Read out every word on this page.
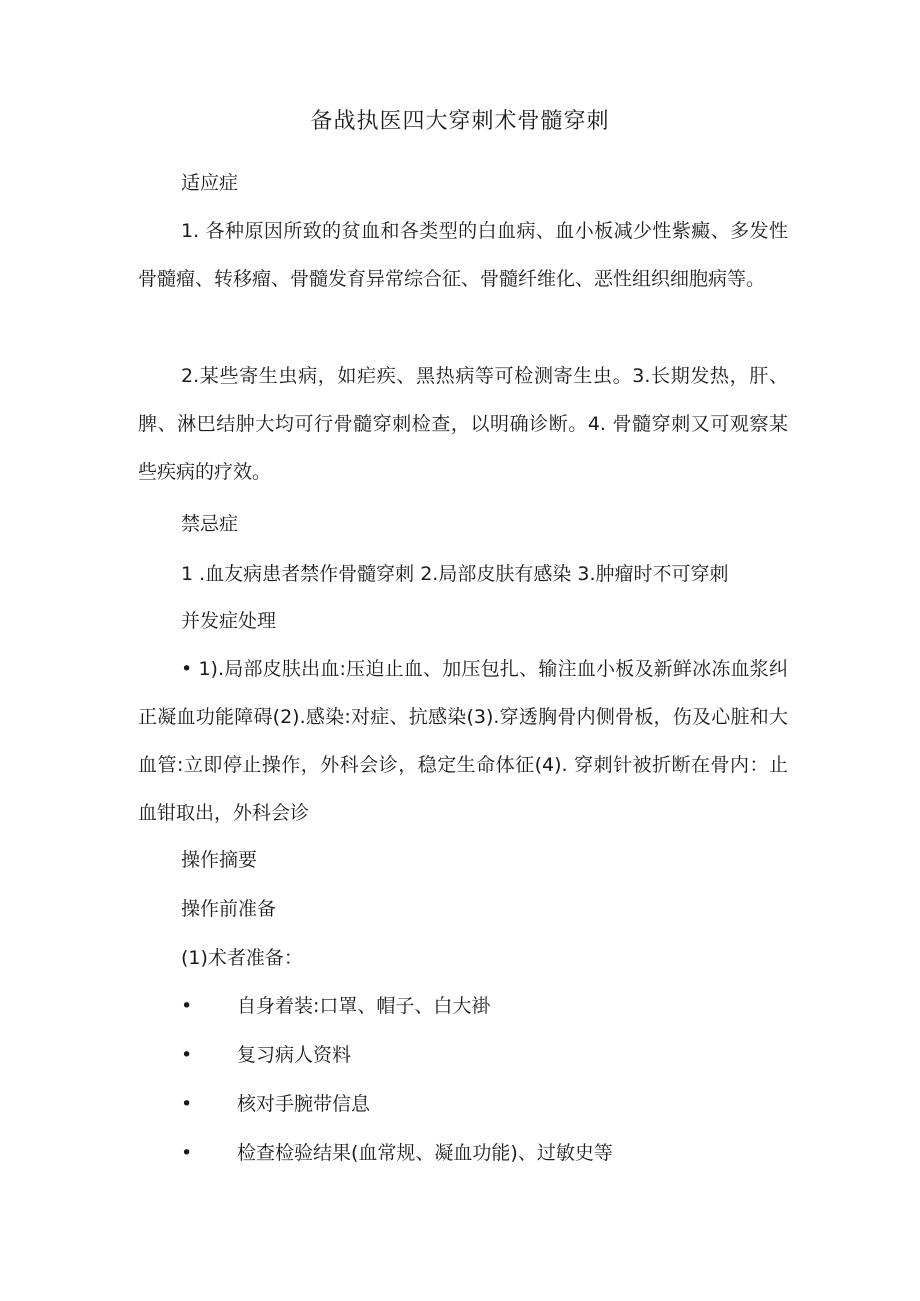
备战执医四大穿刺术骨髓穿刺
适应症
1. 各种原因所致的贫血和各类型的白血病、血小板减少性紫癜、多发性骨髓瘤、转移瘤、骨髓发育异常综合征、骨髓纤维化、恶性组织细胞病等。
2.某些寄生虫病，如疟疾、黑热病等可检测寄生虫。3.长期发热，肝、脾、淋巴结肿大均可行骨髓穿刺检查，以明确诊断。4. 骨髓穿刺又可观察某些疾病的疗效。
禁忌症
1 .血友病患者禁作骨髓穿刺 2.局部皮肤有感染 3.肿瘤时不可穿刺
并发症处理
• 1).局部皮肤出血:压迫止血、加压包扎、输注血小板及新鲜冰冻血浆纠正凝血功能障碍(2).感染:对症、抗感染(3).穿透胸骨内侧骨板，伤及心脏和大血管:立即停止操作，外科会诊，稳定生命体征(4). 穿刺针被折断在骨内：止血钳取出，外科会诊
操作摘要
操作前准备
(1)术者准备：
• 自身着装:口罩、帽子、白大褂
• 复习病人资料
• 核对手腕带信息
• 检查检验结果(血常规、凝血功能)、过敏史等
